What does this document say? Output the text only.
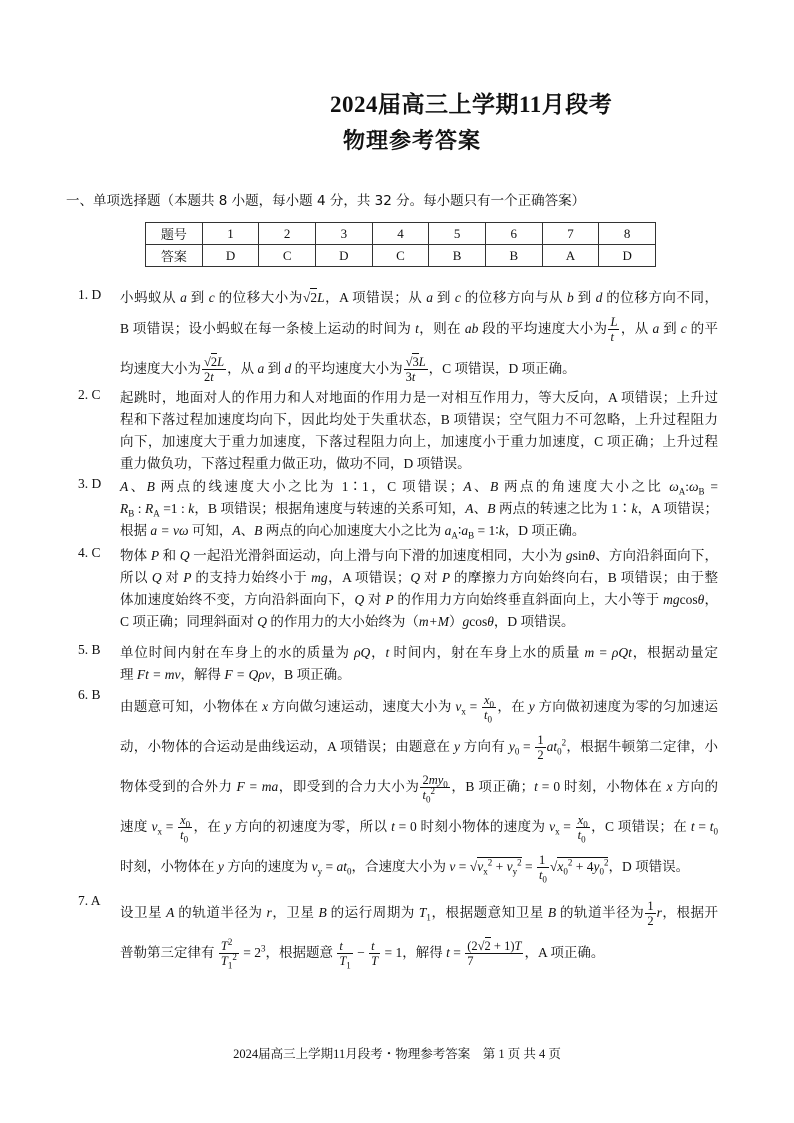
2024届高三上学期11月段考
物理参考答案
一、单项选择题（本题共 8 小题，每小题 4 分，共 32 分。每小题只有一个正确答案）
题号	1	2	3	4	5	6	7	8
答案	D	C	D	C	B	B	A	D
1. D	小蚂蚁从 a 到 c 的位移大小为√2L，A 项错误；从 a 到 c 的位移方向与从 b 到 d 的位移方向不同，
B 项错误；设小蚂蚁在每一条棱上运动的时间为 t，则在 ab 段的平均速度大小为 $\frac{L}{t}$ ，从 a 到 c 的平
均速度大小为 $\frac{√2L}{2t}$ ，从 a 到 d 的平均速度大小为 $\frac{√3L}{3t}$ ，C 项错误，D 项正确。
2. C	起跳时，地面对人的作用力和人对地面的作用力是一对相互作用力，等大反向，A 项错误；上升过
程和下落过程加速度均向下，因此均处于失重状态，B 项错误；空气阻力不可忽略，上升过程阻力
向下，加速度大于重力加速度，下落过程阻力向上，加速度小于重力加速度，C 项正确；上升过程
重力做负功，下落过程重力做正功，做功不同，D 项错误。
3. D	A、B 两点的线速度大小之比为 1∶1，C 项错误；A、B 两点的角速度大小之比 $\omega_A:\omega_B$ =
$R_B$ : $R_A =1$ : k，B 项错误；根据角速度与转速的关系可知，A、B 两点的转速之比为 1∶k，A 项错误；
根据 a = vω 可知，A、B 两点的向心加速度大小之比为 $a_A∶a_B$ = 1∶k，D 项正确。
4. C	物体 P 和 Q 一起沿光滑斜面运动，向上滑与向下滑的加速度相同，大小为 gsinθ、方向沿斜面向下，
所以 Q 对 P 的支持力始终小于 mg，A 项错误；Q 对 P 的摩擦力方向始终向右，B 项错误；由于整
体加速度始终不变，方向沿斜面向下，Q 对 P 的作用力方向始终垂直斜面向上，大小等于 mgcosθ，
C 项正确；同理斜面对 Q 的作用力的大小始终为（m+M）gcosθ，D 项错误。
5. B	单位时间内射在车身上的水的质量为 ρQ，t 时间内，射在车身上水的质量 m = ρQt，根据动量定
理 Ft = mv，解得 F = Qρv，B 项正确。
6. B
由题意可知，小物体在 x 方向做匀速运动，速度大小为 $v_x = \frac{x_0}{t_0}$ ，在 y 方向做初速度为零的匀加速运
动，小物体的合运动是曲线运动，A 项错误；由题意在 y 方向有 $y_0 = \frac{1}{2} at_0^2$，根据牛顿第二定律，小
物体受到的合外力 F = ma，即受到的合力大小为 $\frac{2my_0}{t_0^2}$ ，B 项正确；t = 0 时刻，小物体在 x 方向的
速度 $v_x = \frac{x_0}{t_0}$ ，在 y 方向的初速度为零，所以 t = 0 时刻小物体的速度为 $v_x = \frac{x_0}{t_0}$ ，C 项错误；在 $t = t_0$
时刻，小物体在 y 方向的速度为 $v_y = at_0$，合速度大小为 $v = √v_x^2 + v_y^2 = \frac{1}{t_0} √x_0^2 + 4y_0^2$，D 项错误。
7. A
设卫星 A 的轨道半径为 r，卫星 B 的运行周期为 $T_1$，根据题意知卫星 B 的轨道半径为 $\frac{1}{2}$ r，根据开
普勒第三定律有 $\frac{T^2}{T_1^2} = 2^3$，根据题意 $\frac{t}{T_1} - \frac{t}{T} = 1$，解得 $t = \frac{(2√2 + 1)T}{7}$ ，A 项正确。
2024届高三上学期11月段考・物理参考答案　第 1 页 共 4 页
